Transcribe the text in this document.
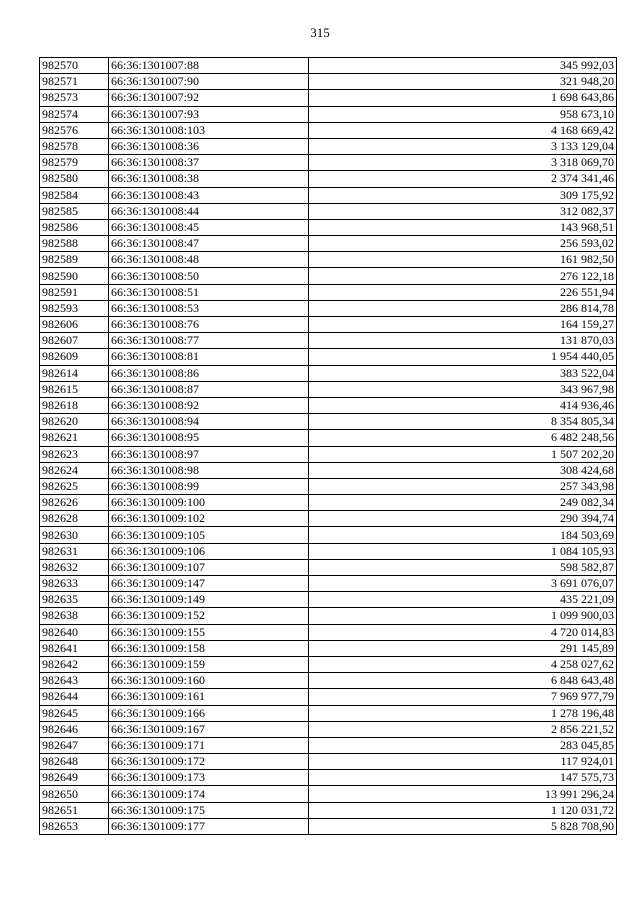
315
982570	66:36:1301007:88	345 992,03
982571	66:36:1301007:90	321 948,20
982573	66:36:1301007:92	1 698 643,86
982574	66:36:1301007:93	958 673,10
982576	66:36:1301008:103	4 168 669,42
982578	66:36:1301008:36	3 133 129,04
982579	66:36:1301008:37	3 318 069,70
982580	66:36:1301008:38	2 374 341,46
982584	66:36:1301008:43	309 175,92
982585	66:36:1301008:44	312 082,37
982586	66:36:1301008:45	143 968,51
982588	66:36:1301008:47	256 593,02
982589	66:36:1301008:48	161 982,50
982590	66:36:1301008:50	276 122,18
982591	66:36:1301008:51	226 551,94
982593	66:36:1301008:53	286 814,78
982606	66:36:1301008:76	164 159,27
982607	66:36:1301008:77	131 870,03
982609	66:36:1301008:81	1 954 440,05
982614	66:36:1301008:86	383 522,04
982615	66:36:1301008:87	343 967,98
982618	66:36:1301008:92	414 936,46
982620	66:36:1301008:94	8 354 805,34
982621	66:36:1301008:95	6 482 248,56
982623	66:36:1301008:97	1 507 202,20
982624	66:36:1301008:98	308 424,68
982625	66:36:1301008:99	257 343,98
982626	66:36:1301009:100	249 082,34
982628	66:36:1301009:102	290 394,74
982630	66:36:1301009:105	184 503,69
982631	66:36:1301009:106	1 084 105,93
982632	66:36:1301009:107	598 582,87
982633	66:36:1301009:147	3 691 076,07
982635	66:36:1301009:149	435 221,09
982638	66:36:1301009:152	1 099 900,03
982640	66:36:1301009:155	4 720 014,83
982641	66:36:1301009:158	291 145,89
982642	66:36:1301009:159	4 258 027,62
982643	66:36:1301009:160	6 848 643,48
982644	66:36:1301009:161	7 969 977,79
982645	66:36:1301009:166	1 278 196,48
982646	66:36:1301009:167	2 856 221,52
982647	66:36:1301009:171	283 045,85
982648	66:36:1301009:172	117 924,01
982649	66:36:1301009:173	147 575,73
982650	66:36:1301009:174	13 991 296,24
982651	66:36:1301009:175	1 120 031,72
982653	66:36:1301009:177	5 828 708,90
